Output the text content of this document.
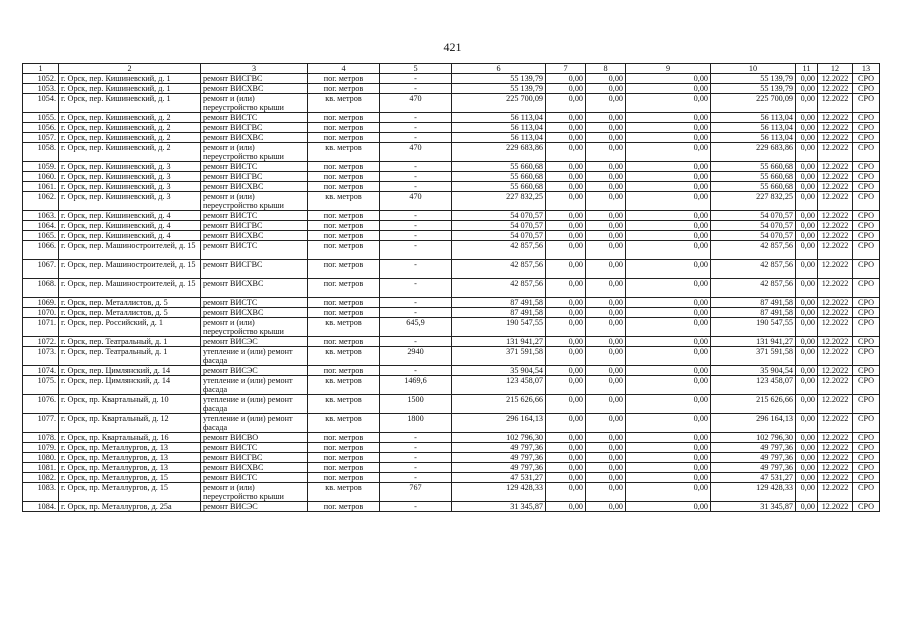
421
1	2	3	4	5	6	7	8	9	10	11	12	13
1052.	г. Орск, пер. Кишиневский, д. 1	ремонт ВИСГВС	пог. метров	-	55 139,79	0,00	0,00	0,00	55 139,79	0,00	12.2022	СРО
1053.	г. Орск, пер. Кишиневский, д. 1	ремонт ВИСХВС	пог. метров	-	55 139,79	0,00	0,00	0,00	55 139,79	0,00	12.2022	СРО
1054.	г. Орск, пер. Кишиневский, д. 1	ремонт и (или) переустройство крыши	кв. метров	470	225 700,09	0,00	0,00	0,00	225 700,09	0,00	12.2022	СРО
1055.	г. Орск, пер. Кишиневский, д. 2	ремонт ВИСТС	пог. метров	-	56 113,04	0,00	0,00	0,00	56 113,04	0,00	12.2022	СРО
1056.	г. Орск, пер. Кишиневский, д. 2	ремонт ВИСГВС	пог. метров	-	56 113,04	0,00	0,00	0,00	56 113,04	0,00	12.2022	СРО
1057.	г. Орск, пер. Кишиневский, д. 2	ремонт ВИСХВС	пог. метров	-	56 113,04	0,00	0,00	0,00	56 113,04	0,00	12.2022	СРО
1058.	г. Орск, пер. Кишиневский, д. 2	ремонт и (или) переустройство крыши	кв. метров	470	229 683,86	0,00	0,00	0,00	229 683,86	0,00	12.2022	СРО
1059.	г. Орск, пер. Кишиневский, д. 3	ремонт ВИСТС	пог. метров	-	55 660,68	0,00	0,00	0,00	55 660,68	0,00	12.2022	СРО
1060.	г. Орск, пер. Кишиневский, д. 3	ремонт ВИСГВС	пог. метров	-	55 660,68	0,00	0,00	0,00	55 660,68	0,00	12.2022	СРО
1061.	г. Орск, пер. Кишиневский, д. 3	ремонт ВИСХВС	пог. метров	-	55 660,68	0,00	0,00	0,00	55 660,68	0,00	12.2022	СРО
1062.	г. Орск, пер. Кишиневский, д. 3	ремонт и (или) переустройство крыши	кв. метров	470	227 832,25	0,00	0,00	0,00	227 832,25	0,00	12.2022	СРО
1063.	г. Орск, пер. Кишиневский, д. 4	ремонт ВИСТС	пог. метров	-	54 070,57	0,00	0,00	0,00	54 070,57	0,00	12.2022	СРО
1064.	г. Орск, пер. Кишиневский, д. 4	ремонт ВИСГВС	пог. метров	-	54 070,57	0,00	0,00	0,00	54 070,57	0,00	12.2022	СРО
1065.	г. Орск, пер. Кишиневский, д. 4	ремонт ВИСХВС	пог. метров	-	54 070,57	0,00	0,00	0,00	54 070,57	0,00	12.2022	СРО
1066.	г. Орск, пер. Машиностроителей, д. 15	ремонт ВИСТС	пог. метров	-	42 857,56	0,00	0,00	0,00	42 857,56	0,00	12.2022	СРО
1067.	г. Орск, пер. Машиностроителей, д. 15	ремонт ВИСГВС	пог. метров	-	42 857,56	0,00	0,00	0,00	42 857,56	0,00	12.2022	СРО
1068.	г. Орск, пер. Машиностроителей, д. 15	ремонт ВИСХВС	пог. метров	-	42 857,56	0,00	0,00	0,00	42 857,56	0,00	12.2022	СРО
1069.	г. Орск, пер. Металлистов, д. 5	ремонт ВИСТС	пог. метров	-	87 491,58	0,00	0,00	0,00	87 491,58	0,00	12.2022	СРО
1070.	г. Орск, пер. Металлистов, д. 5	ремонт ВИСХВС	пог. метров	-	87 491,58	0,00	0,00	0,00	87 491,58	0,00	12.2022	СРО
1071.	г. Орск, пер. Российский, д. 1	ремонт и (или) переустройство крыши	кв. метров	645,9	190 547,55	0,00	0,00	0,00	190 547,55	0,00	12.2022	СРО
1072.	г. Орск, пер. Театральный, д. 1	ремонт ВИСЭС	пог. метров	-	131 941,27	0,00	0,00	0,00	131 941,27	0,00	12.2022	СРО
1073.	г. Орск, пер. Театральный, д. 1	утепление и (или) ремонт фасада	кв. метров	2940	371 591,58	0,00	0,00	0,00	371 591,58	0,00	12.2022	СРО
1074.	г. Орск, пер. Цимлянский, д. 14	ремонт ВИСЭС	пог. метров	-	35 904,54	0,00	0,00	0,00	35 904,54	0,00	12.2022	СРО
1075.	г. Орск, пер. Цимлянский, д. 14	утепление и (или) ремонт фасада	кв. метров	1469,6	123 458,07	0,00	0,00	0,00	123 458,07	0,00	12.2022	СРО
1076.	г. Орск, пр. Квартальный, д. 10	утепление и (или) ремонт фасада	кв. метров	1500	215 626,66	0,00	0,00	0,00	215 626,66	0,00	12.2022	СРО
1077.	г. Орск, пр. Квартальный, д. 12	утепление и (или) ремонт фасада	кв. метров	1800	296 164,13	0,00	0,00	0,00	296 164,13	0,00	12.2022	СРО
1078.	г. Орск, пр. Квартальный, д. 16	ремонт ВИСВО	пог. метров	-	102 796,30	0,00	0,00	0,00	102 796,30	0,00	12.2022	СРО
1079.	г. Орск, пр. Металлургов, д. 13	ремонт ВИСТС	пог. метров	-	49 797,36	0,00	0,00	0,00	49 797,36	0,00	12.2022	СРО
1080.	г. Орск, пр. Металлургов, д. 13	ремонт ВИСГВС	пог. метров	-	49 797,36	0,00	0,00	0,00	49 797,36	0,00	12.2022	СРО
1081.	г. Орск, пр. Металлургов, д. 13	ремонт ВИСХВС	пог. метров	-	49 797,36	0,00	0,00	0,00	49 797,36	0,00	12.2022	СРО
1082.	г. Орск, пр. Металлургов, д. 15	ремонт ВИСТС	пог. метров	-	47 531,27	0,00	0,00	0,00	47 531,27	0,00	12.2022	СРО
1083.	г. Орск, пр. Металлургов, д. 15	ремонт и (или) переустройство крыши	кв. метров	767	129 428,33	0,00	0,00	0,00	129 428,33	0,00	12.2022	СРО
1084.	г. Орск, пр. Металлургов, д. 25а	ремонт ВИСЭС	пог. метров	-	31 345,87	0,00	0,00	0,00	31 345,87	0,00	12.2022	СРО
